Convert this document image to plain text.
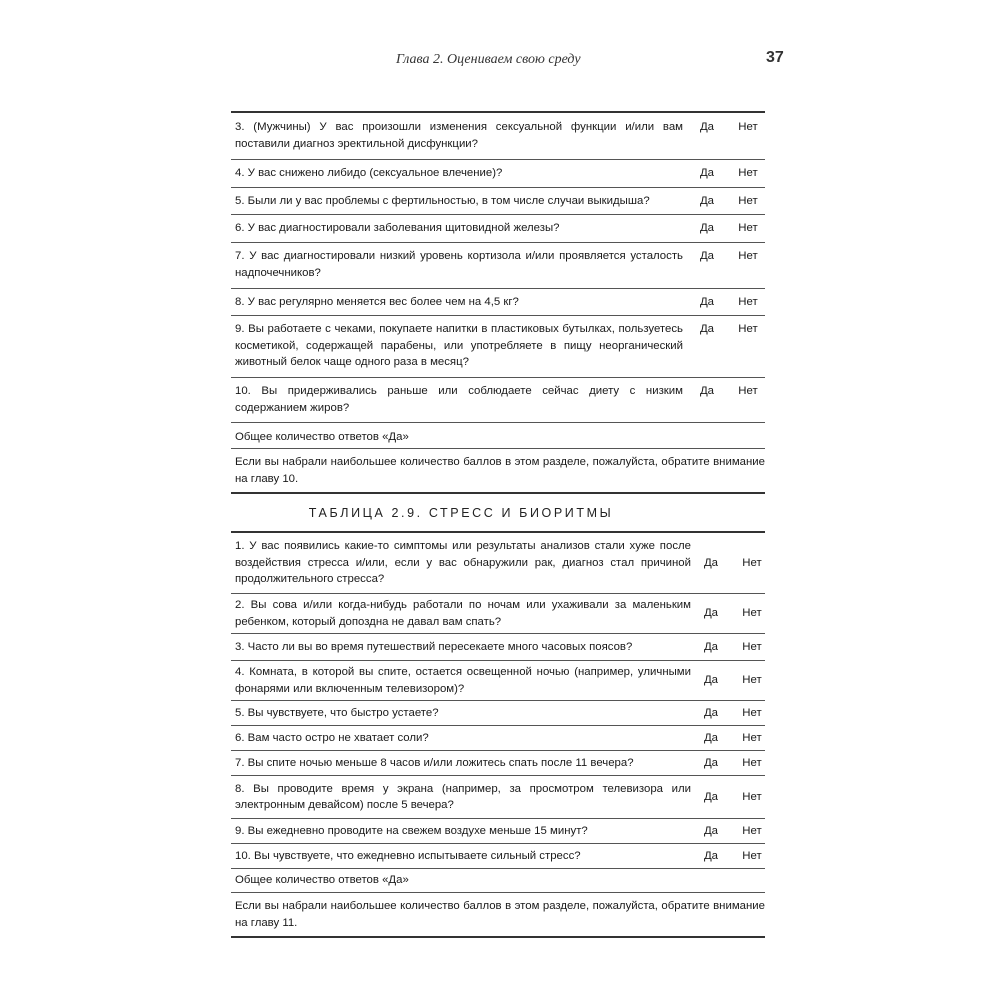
Глава 2. Оцениваем свою среду	37
3. (Мужчины) У вас произошли изменения сексуальной функции и/или вам поставили диагноз эректильной дисфункции?
Да	Нет
4. У вас снижено либидо (сексуальное влечение)?	Да	Нет
5. Были ли у вас проблемы с фертильностью, в том числе случаи выкидыша?	Да	Нет
6. У вас диагностировали заболевания щитовидной железы?	Да	Нет
7. У вас диагностировали низкий уровень кортизола и/или проявляется усталость надпочечников?
Да	Нет
8. У вас регулярно меняется вес более чем на 4,5 кг?	Да	Нет
9. Вы работаете с чеками, покупаете напитки в пластиковых бутылках, пользуетесь косметикой, содержащей парабены, или употребляете в пищу неорганический животный белок чаще одного раза в месяц?
Да	Нет
10. Вы придерживались раньше или соблюдаете сейчас диету с низким содержанием жиров?
Да	Нет
Общее количество ответов «Да»
Если вы набрали наибольшее количество баллов в этом разделе, пожалуйста, обратите внимание на главу 10.
ТАБЛИЦА 2.9. СТРЕСС И БИОРИТМЫ
1. У вас появились какие-то симптомы или результаты анализов стали хуже после воздействия стресса и/или, если у вас обнаружили рак, диагноз стал причиной продолжительного стресса?
Да	Нет
2. Вы сова и/или когда-нибудь работали по ночам или ухаживали за маленьким ребенком, который допоздна не давал вам спать?
Да	Нет
3. Часто ли вы во время путешествий пересекаете много часовых поясов?	Да	Нет
4. Комната, в которой вы спите, остается освещенной ночью (например, уличными фонарями или включенным телевизором)?
Да	Нет
5. Вы чувствуете, что быстро устаете?	Да	Нет
6. Вам часто остро не хватает соли?	Да	Нет
7. Вы спите ночью меньше 8 часов и/или ложитесь спать после 11 вечера?	Да	Нет
8. Вы проводите время у экрана (например, за просмотром телевизора или электронным девайсом) после 5 вечера?
Да	Нет
9. Вы ежедневно проводите на свежем воздухе меньше 15 минут?	Да	Нет
10. Вы чувствуете, что ежедневно испытываете сильный стресс?	Да	Нет
Общее количество ответов «Да»
Если вы набрали наибольшее количество баллов в этом разделе, пожалуйста, обратите внимание на главу 11.
